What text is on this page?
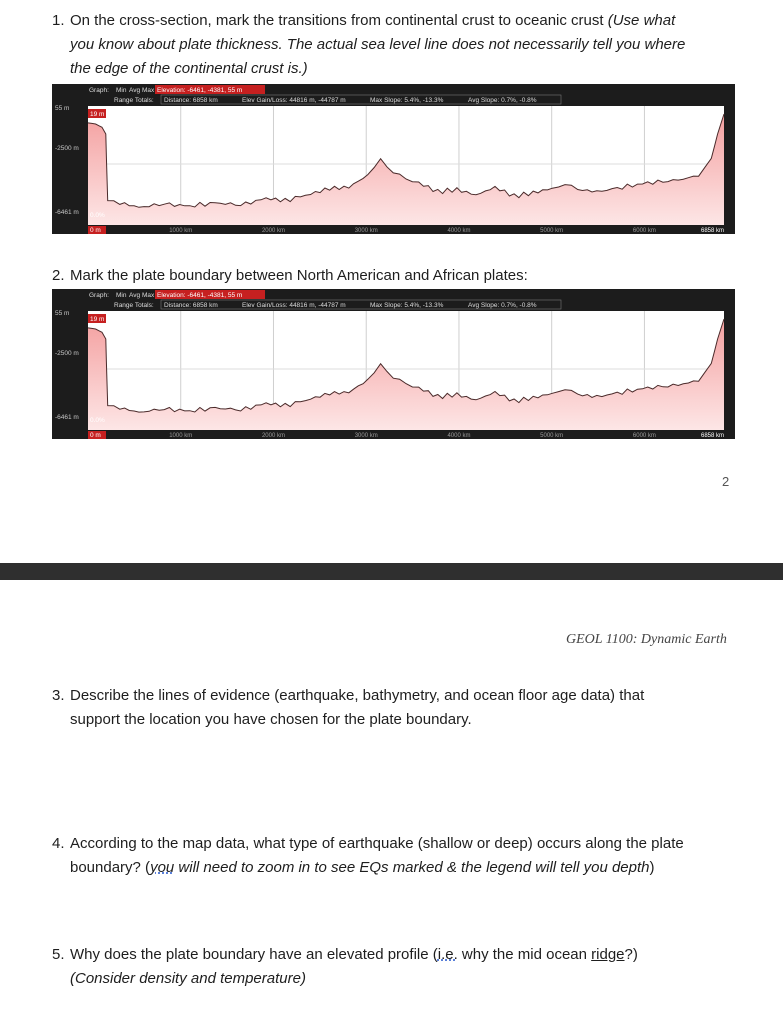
1. On the cross-section, mark the transitions from continental crust to oceanic crust (Use what
you know about plate thickness. The actual sea level line does not necessarily tell you where
the edge of the continental crust is.)
Graph: Min Avg Max Elevation: -6461, -4381, 55 m
Range Totals: Distance: 6858 km	Elev Gain/Loss: 44816 m, -44787 m	Max Slope: 5.4%, -13.3%	Avg Slope: 0.7%, -0.8%
55 m
-2500 m
-6461 m
19 m
0.0%
0 m	1000 km	2000 km	3000 km	4000 km	5000 km	6000 km	6858 km
2. Mark the plate boundary between North American and African plates:
Graph: Min Avg Max Elevation: -6461, -4381, 55 m
Range Totals: Distance: 6858 km	Elev Gain/Loss: 44816 m, -44787 m	Max Slope: 5.4%, -13.3%	Avg Slope: 0.7%, -0.8%
55 m
-2500 m
-6461 m
19 m
0.0%
0 m	1000 km	2000 km	3000 km	4000 km	5000 km	6000 km	6858 km
2
GEOL 1100: Dynamic Earth
3. Describe the lines of evidence (earthquake, bathymetry, and ocean floor age data) that
support the location you have chosen for the plate boundary.
4. According to the map data, what type of earthquake (shallow or deep) occurs along the plate
boundary? (you will need to zoom in to see EQs marked & the legend will tell you depth)
5. Why does the plate boundary have an elevated profile (i.e. why the mid ocean ridge?)
(Consider density and temperature)
